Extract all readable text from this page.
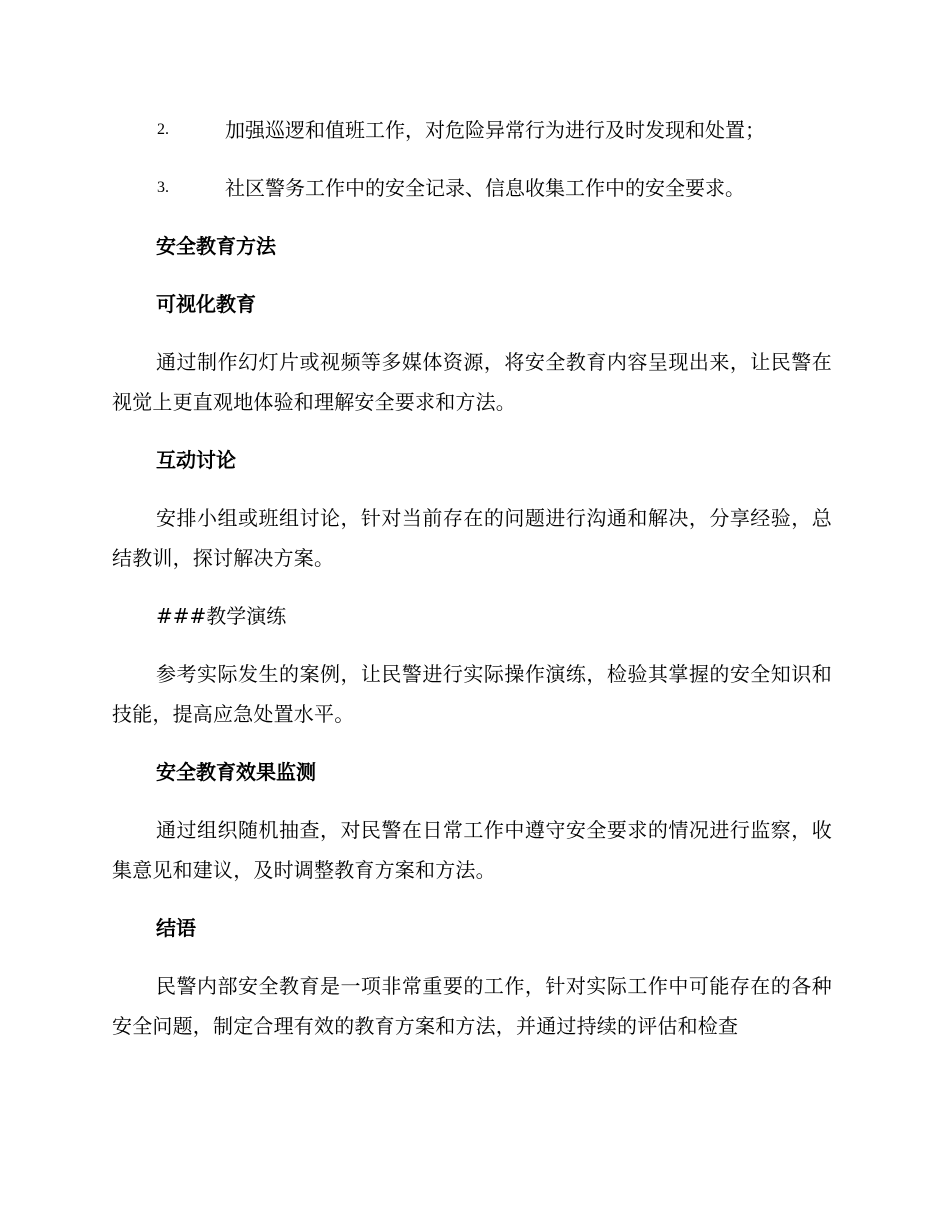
2.	加强巡逻和值班工作，对危险异常行为进行及时发现和处置；
3.	社区警务工作中的安全记录、信息收集工作中的安全要求。
安全教育方法
可视化教育
通过制作幻灯片或视频等多媒体资源，将安全教育内容呈现出来，让民警在视觉上更直观地体验和理解安全要求和方法。
互动讨论
安排小组或班组讨论，针对当前存在的问题进行沟通和解决，分享经验，总结教训，探讨解决方案。
###教学演练
参考实际发生的案例，让民警进行实际操作演练，检验其掌握的安全知识和技能，提高应急处置水平。
安全教育效果监测
通过组织随机抽查，对民警在日常工作中遵守安全要求的情况进行监察，收集意见和建议，及时调整教育方案和方法。
结语
民警内部安全教育是一项非常重要的工作，针对实际工作中可能存在的各种安全问题，制定合理有效的教育方案和方法，并通过持续的评估和检查
